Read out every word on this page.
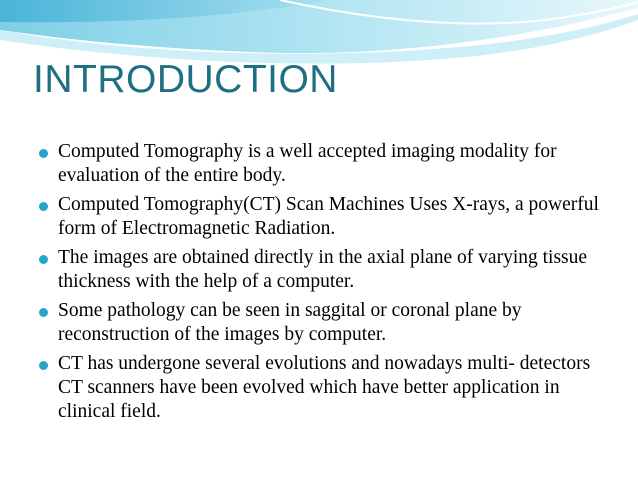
INTRODUCTION
Computed Tomography is a well accepted imaging modality for evaluation of the entire body.
Computed Tomography(CT) Scan Machines Uses X-rays, a powerful form of Electromagnetic Radiation.
The images are obtained directly in the axial plane of varying tissue thickness with the help of a computer.
Some pathology can be seen in saggital or coronal plane by reconstruction of the images by computer.
CT has undergone several evolutions and nowadays multi- detectors CT scanners have been evolved which have better application in clinical field.
